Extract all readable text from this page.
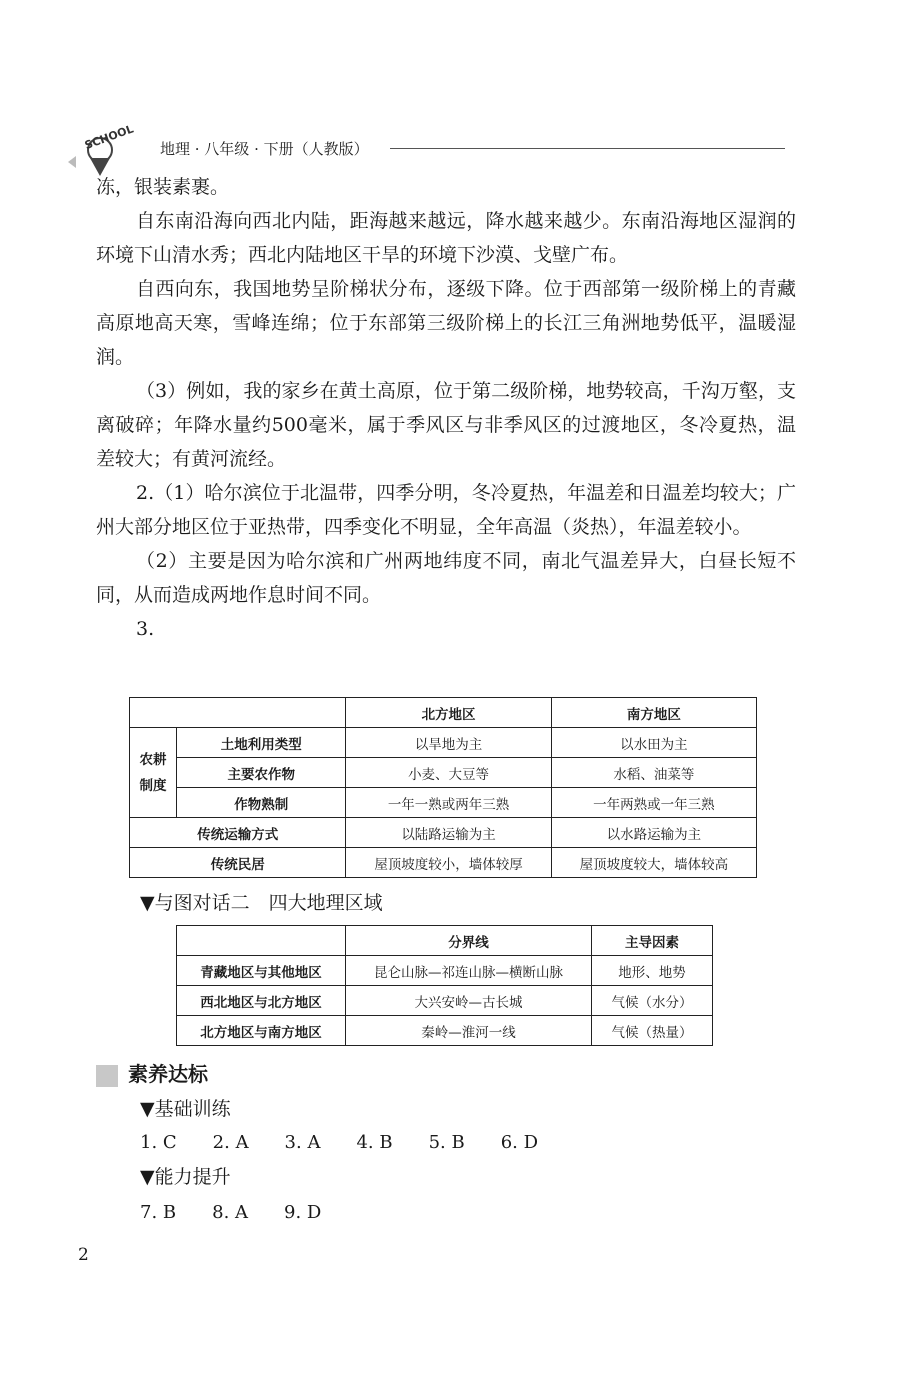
SCHOOL 地理 · 八年级 · 下册（人教版）

冻，银装素裹。

自东南沿海向西北内陆，距海越来越远，降水越来越少。东南沿海地区湿润的环境下山清水秀；西北内陆地区干旱的环境下沙漠、戈壁广布。

自西向东，我国地势呈阶梯状分布，逐级下降。位于西部第一级阶梯上的青藏高原地高天寒，雪峰连绵；位于东部第三级阶梯上的长江三角洲地势低平，温暖湿润。

（3）例如，我的家乡在黄土高原，位于第二级阶梯，地势较高，千沟万壑，支离破碎；年降水量约500毫米，属于季风区与非季风区的过渡地区，冬冷夏热，温差较大；有黄河流经。

2.（1）哈尔滨位于北温带，四季分明，冬冷夏热，年温差和日温差均较大；广州大部分地区位于亚热带，四季变化不明显，全年高温（炎热），年温差较小。

（2）主要是因为哈尔滨和广州两地纬度不同，南北气温差异大，白昼长短不同，从而造成两地作息时间不同。

3.

		北方地区	南方地区
农耕制度	土地利用类型	以旱地为主	以水田为主
	主要农作物	小麦、大豆等	水稻、油菜等
	作物熟制	一年一熟或两年三熟	一年两熟或一年三熟
传统运输方式		以陆路运输为主	以水路运输为主
传统民居		屋顶坡度较小，墙体较厚	屋顶坡度较大，墙体较高
▼与图对话二　四大地理区域
	分界线	主导因素
青藏地区与其他地区	昆仑山脉—祁连山脉—横断山脉	地形、地势
西北地区与北方地区	大兴安岭—古长城	气候（水分）
北方地区与南方地区	秦岭—淮河一线	气候（热量）
素养达标
▼基础训练
1. C　　2. A　　3. A　　4. B　　5. B　　6. D
▼能力提升
7. B　　8. A　　9. D
2
